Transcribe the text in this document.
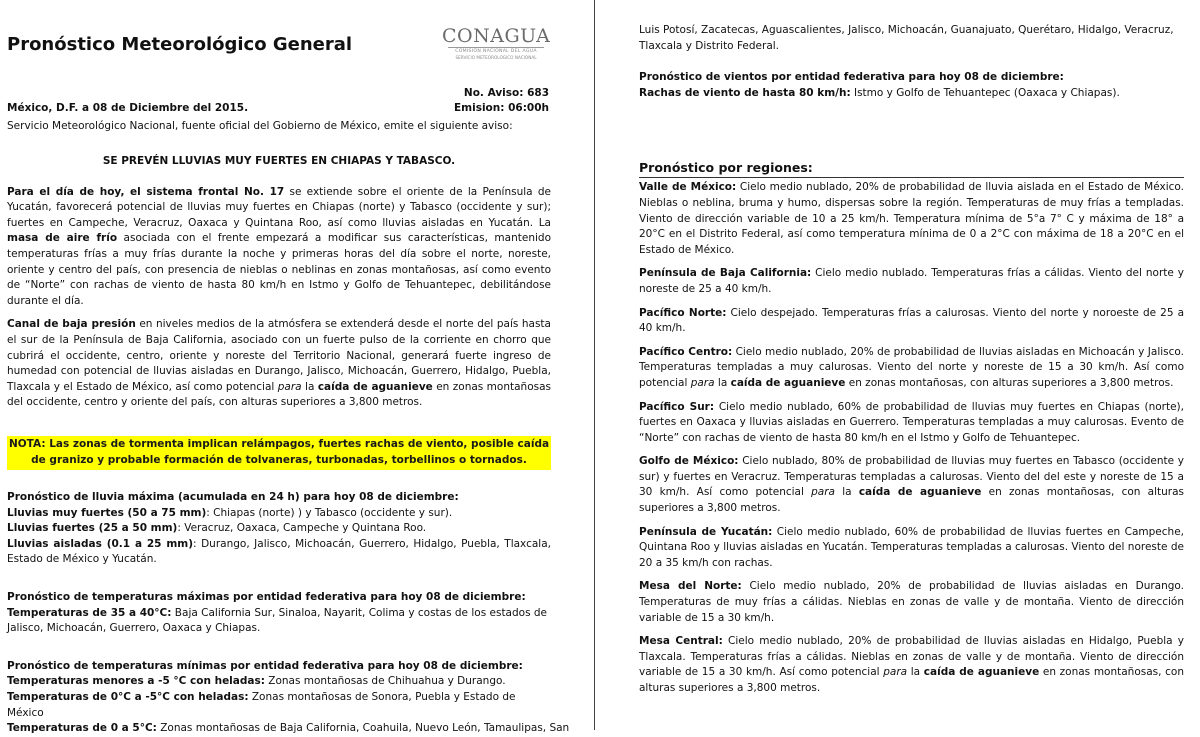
Pronóstico Meteorológico General	CONAGUA
COMISIÓN NACIONAL DEL AGUA
SERVICIO METEOROLÓGICO NACIONAL
No. Aviso: 683
Emision: 06:00h
México, D.F. a 08 de Diciembre del 2015.

Servicio Meteorológico Nacional, fuente oficial del Gobierno de México, emite el siguiente aviso:

SE PREVÉN LLUVIAS MUY FUERTES EN CHIAPAS Y TABASCO.

Para el día de hoy, el sistema frontal No. 17 se extiende sobre el oriente de la Península de Yucatán, favorecerá potencial de lluvias muy fuertes en Chiapas (norte) y Tabasco (occidente y sur); fuertes en Campeche, Veracruz, Oaxaca y Quintana Roo, así como lluvias aisladas en Yucatán. La masa de aire frío asociada con el frente empezará a modificar sus características, mantenido temperaturas frías a muy frías durante la noche y primeras horas del día sobre el norte, noreste, oriente y centro del país, con presencia de nieblas o neblinas en zonas montañosas, así como evento de “Norte” con rachas de viento de hasta 80 km/h en Istmo y Golfo de Tehuantepec, debilitándose durante el día.

Canal de baja presión en niveles medios de la atmósfera se extenderá desde el norte del país hasta el sur de la Península de Baja California, asociado con un fuerte pulso de la corriente en chorro que cubrirá el occidente, centro, oriente y noreste del Territorio Nacional, generará fuerte ingreso de humedad con potencial de lluvias aisladas en Durango, Jalisco, Michoacán, Guerrero, Hidalgo, Puebla, Tlaxcala y el Estado de México, así como potencial para la caída de aguanieve en zonas montañosas del occidente, centro y oriente del país, con alturas superiores a 3,800 metros.

NOTA: Las zonas de tormenta implican relámpagos, fuertes rachas de viento, posible caída de granizo y probable formación de tolvaneras, turbonadas, torbellinos o tornados.

Pronóstico de lluvia máxima (acumulada en 24 h) para hoy 08 de diciembre:

Lluvias muy fuertes (50 a 75 mm): Chiapas (norte) ) y Tabasco (occidente y sur).

Lluvias fuertes (25 a 50 mm): Veracruz, Oaxaca, Campeche y Quintana Roo.

Lluvias aisladas (0.1 a 25 mm): Durango, Jalisco, Michoacán, Guerrero, Hidalgo, Puebla, Tlaxcala, Estado de México y Yucatán.

Pronóstico de temperaturas máximas por entidad federativa para hoy 08 de diciembre:

Temperaturas de 35 a 40°C: Baja California Sur, Sinaloa, Nayarit, Colima y costas de los estados de Jalisco, Michoacán, Guerrero, Oaxaca y Chiapas.

Pronóstico de temperaturas mínimas por entidad federativa para hoy 08 de diciembre:

Temperaturas menores a -5 °C con heladas: Zonas montañosas de Chihuahua y Durango.

Temperaturas de 0°C a -5°C con heladas: Zonas montañosas de Sonora, Puebla y Estado de México

Temperaturas de 0 a 5°C: Zonas montañosas de Baja California, Coahuila, Nuevo León, Tamaulipas, San

Luis Potosí, Zacatecas, Aguascalientes, Jalisco, Michoacán, Guanajuato, Querétaro, Hidalgo, Veracruz, Tlaxcala y Distrito Federal.

Pronóstico de vientos por entidad federativa para hoy 08 de diciembre:

Rachas de viento de hasta 80 km/h: Istmo y Golfo de Tehuantepec (Oaxaca y Chiapas).

Pronóstico por regiones:

Valle de México: Cielo medio nublado, 20% de probabilidad de lluvia aislada en el Estado de México. Nieblas o neblina, bruma y humo, dispersas sobre la región. Temperaturas de muy frías a templadas. Viento de dirección variable de 10 a 25 km/h. Temperatura mínima de 5°a 7° C y máxima de 18° a 20°C en el Distrito Federal, así como temperatura mínima de 0 a 2°C con máxima de 18 a 20°C en el Estado de México.

Península de Baja California: Cielo medio nublado. Temperaturas frías a cálidas. Viento del norte y noreste de 25 a 40 km/h.

Pacífico Norte: Cielo despejado. Temperaturas frías a calurosas. Viento del norte y noroeste de 25 a 40 km/h.

Pacífico Centro: Cielo medio nublado, 20% de probabilidad de lluvias aisladas en Michoacán y Jalisco. Temperaturas templadas a muy calurosas. Viento del norte y noreste de 15 a 30 km/h. Así como potencial para la caída de aguanieve en zonas montañosas, con alturas superiores a 3,800 metros.

Pacífico Sur: Cielo medio nublado, 60% de probabilidad de lluvias muy fuertes en Chiapas (norte), fuertes en Oaxaca y lluvias aisladas en Guerrero. Temperaturas templadas a muy calurosas. Evento de “Norte” con rachas de viento de hasta 80 km/h en el Istmo y Golfo de Tehuantepec.

Golfo de México: Cielo nublado, 80% de probabilidad de lluvias muy fuertes en Tabasco (occidente y sur) y fuertes en Veracruz. Temperaturas templadas a calurosas. Viento del del este y noreste de 15 a 30 km/h. Así como potencial para la caída de aguanieve en zonas montañosas, con alturas superiores a 3,800 metros.

Península de Yucatán: Cielo medio nublado, 60% de probabilidad de lluvias fuertes en Campeche, Quintana Roo y lluvias aisladas en Yucatán. Temperaturas templadas a calurosas. Viento del noreste de 20 a 35 km/h con rachas.

Mesa del Norte: Cielo medio nublado, 20% de probabilidad de lluvias aisladas en Durango. Temperaturas de muy frías a cálidas. Nieblas en zonas de valle y de montaña. Viento de dirección variable de 15 a 30 km/h.

Mesa Central: Cielo medio nublado, 20% de probabilidad de lluvias aisladas en Hidalgo, Puebla y Tlaxcala. Temperaturas frías a cálidas. Nieblas en zonas de valle y de montaña. Viento de dirección variable de 15 a 30 km/h. Así como potencial para la caída de aguanieve en zonas montañosas, con alturas superiores a 3,800 metros.
